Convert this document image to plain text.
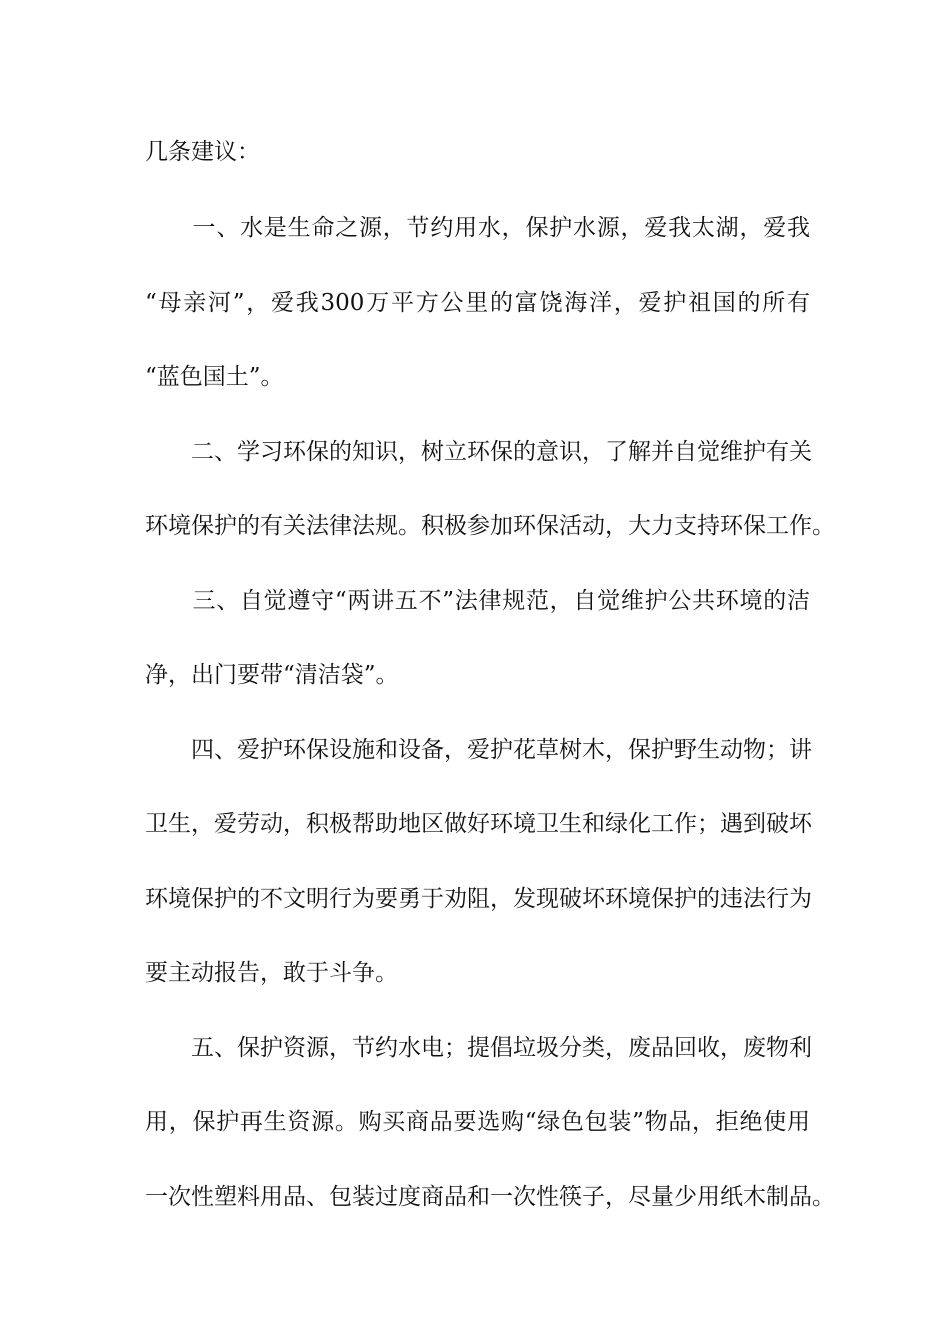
几条建议：
　　一、水是生命之源，节约用水，保护水源，爱我太湖，爱我
“母亲河”，爱我300万平方公里的富饶海洋，爱护祖国的所有
“蓝色国土”。
　　二、学习环保的知识，树立环保的意识，了解并自觉维护有关
环境保护的有关法律法规。积极参加环保活动，大力支持环保工作。
　　三、自觉遵守“两讲五不”法律规范，自觉维护公共环境的洁
净，出门要带“清洁袋”。
　　四、爱护环保设施和设备，爱护花草树木，保护野生动物；讲
卫生，爱劳动，积极帮助地区做好环境卫生和绿化工作；遇到破坏
环境保护的不文明行为要勇于劝阻，发现破坏环境保护的违法行为
要主动报告，敢于斗争。
　　五、保护资源，节约水电；提倡垃圾分类，废品回收，废物利
用，保护再生资源。购买商品要选购“绿色包装”物品，拒绝使用
一次性塑料用品、包装过度商品和一次性筷子，尽量少用纸木制品。
